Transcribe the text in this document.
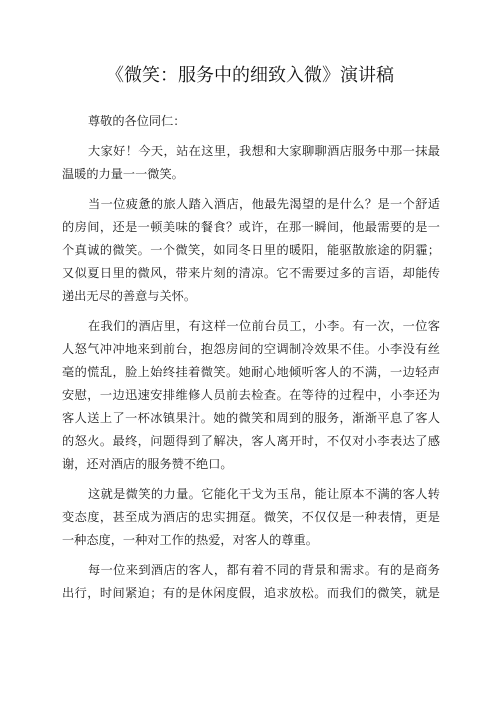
《微笑：服务中的细致入微》演讲稿
尊敬的各位同仁：
大家好！今天，站在这里，我想和大家聊聊酒店服务中那一抹最
温暖的力量一一微笑。
当一位疲惫的旅人踏入酒店，他最先渴望的是什么？是一个舒适
的房间，还是一顿美味的餐食？或许，在那一瞬间，他最需要的是一
个真诚的微笑。一个微笑，如同冬日里的暖阳，能驱散旅途的阴霾；
又似夏日里的微风，带来片刻的清凉。它不需要过多的言语，却能传
递出无尽的善意与关怀。
在我们的酒店里，有这样一位前台员工，小李。有一次，一位客
人怒气冲冲地来到前台，抱怨房间的空调制冷效果不佳。小李没有丝
毫的慌乱，脸上始终挂着微笑。她耐心地倾听客人的不满，一边轻声
安慰，一边迅速安排维修人员前去检查。在等待的过程中，小李还为
客人送上了一杯冰镇果汁。她的微笑和周到的服务，渐渐平息了客人
的怒火。最终，问题得到了解决，客人离开时，不仅对小李表达了感
谢，还对酒店的服务赞不绝口。
这就是微笑的力量。它能化干戈为玉帛，能让原本不满的客人转
变态度，甚至成为酒店的忠实拥趸。微笑，不仅仅是一种表情，更是
一种态度，一种对工作的热爱，对客人的尊重。
每一位来到酒店的客人，都有着不同的背景和需求。有的是商务
出行，时间紧迫；有的是休闲度假，追求放松。而我们的微笑，就是
